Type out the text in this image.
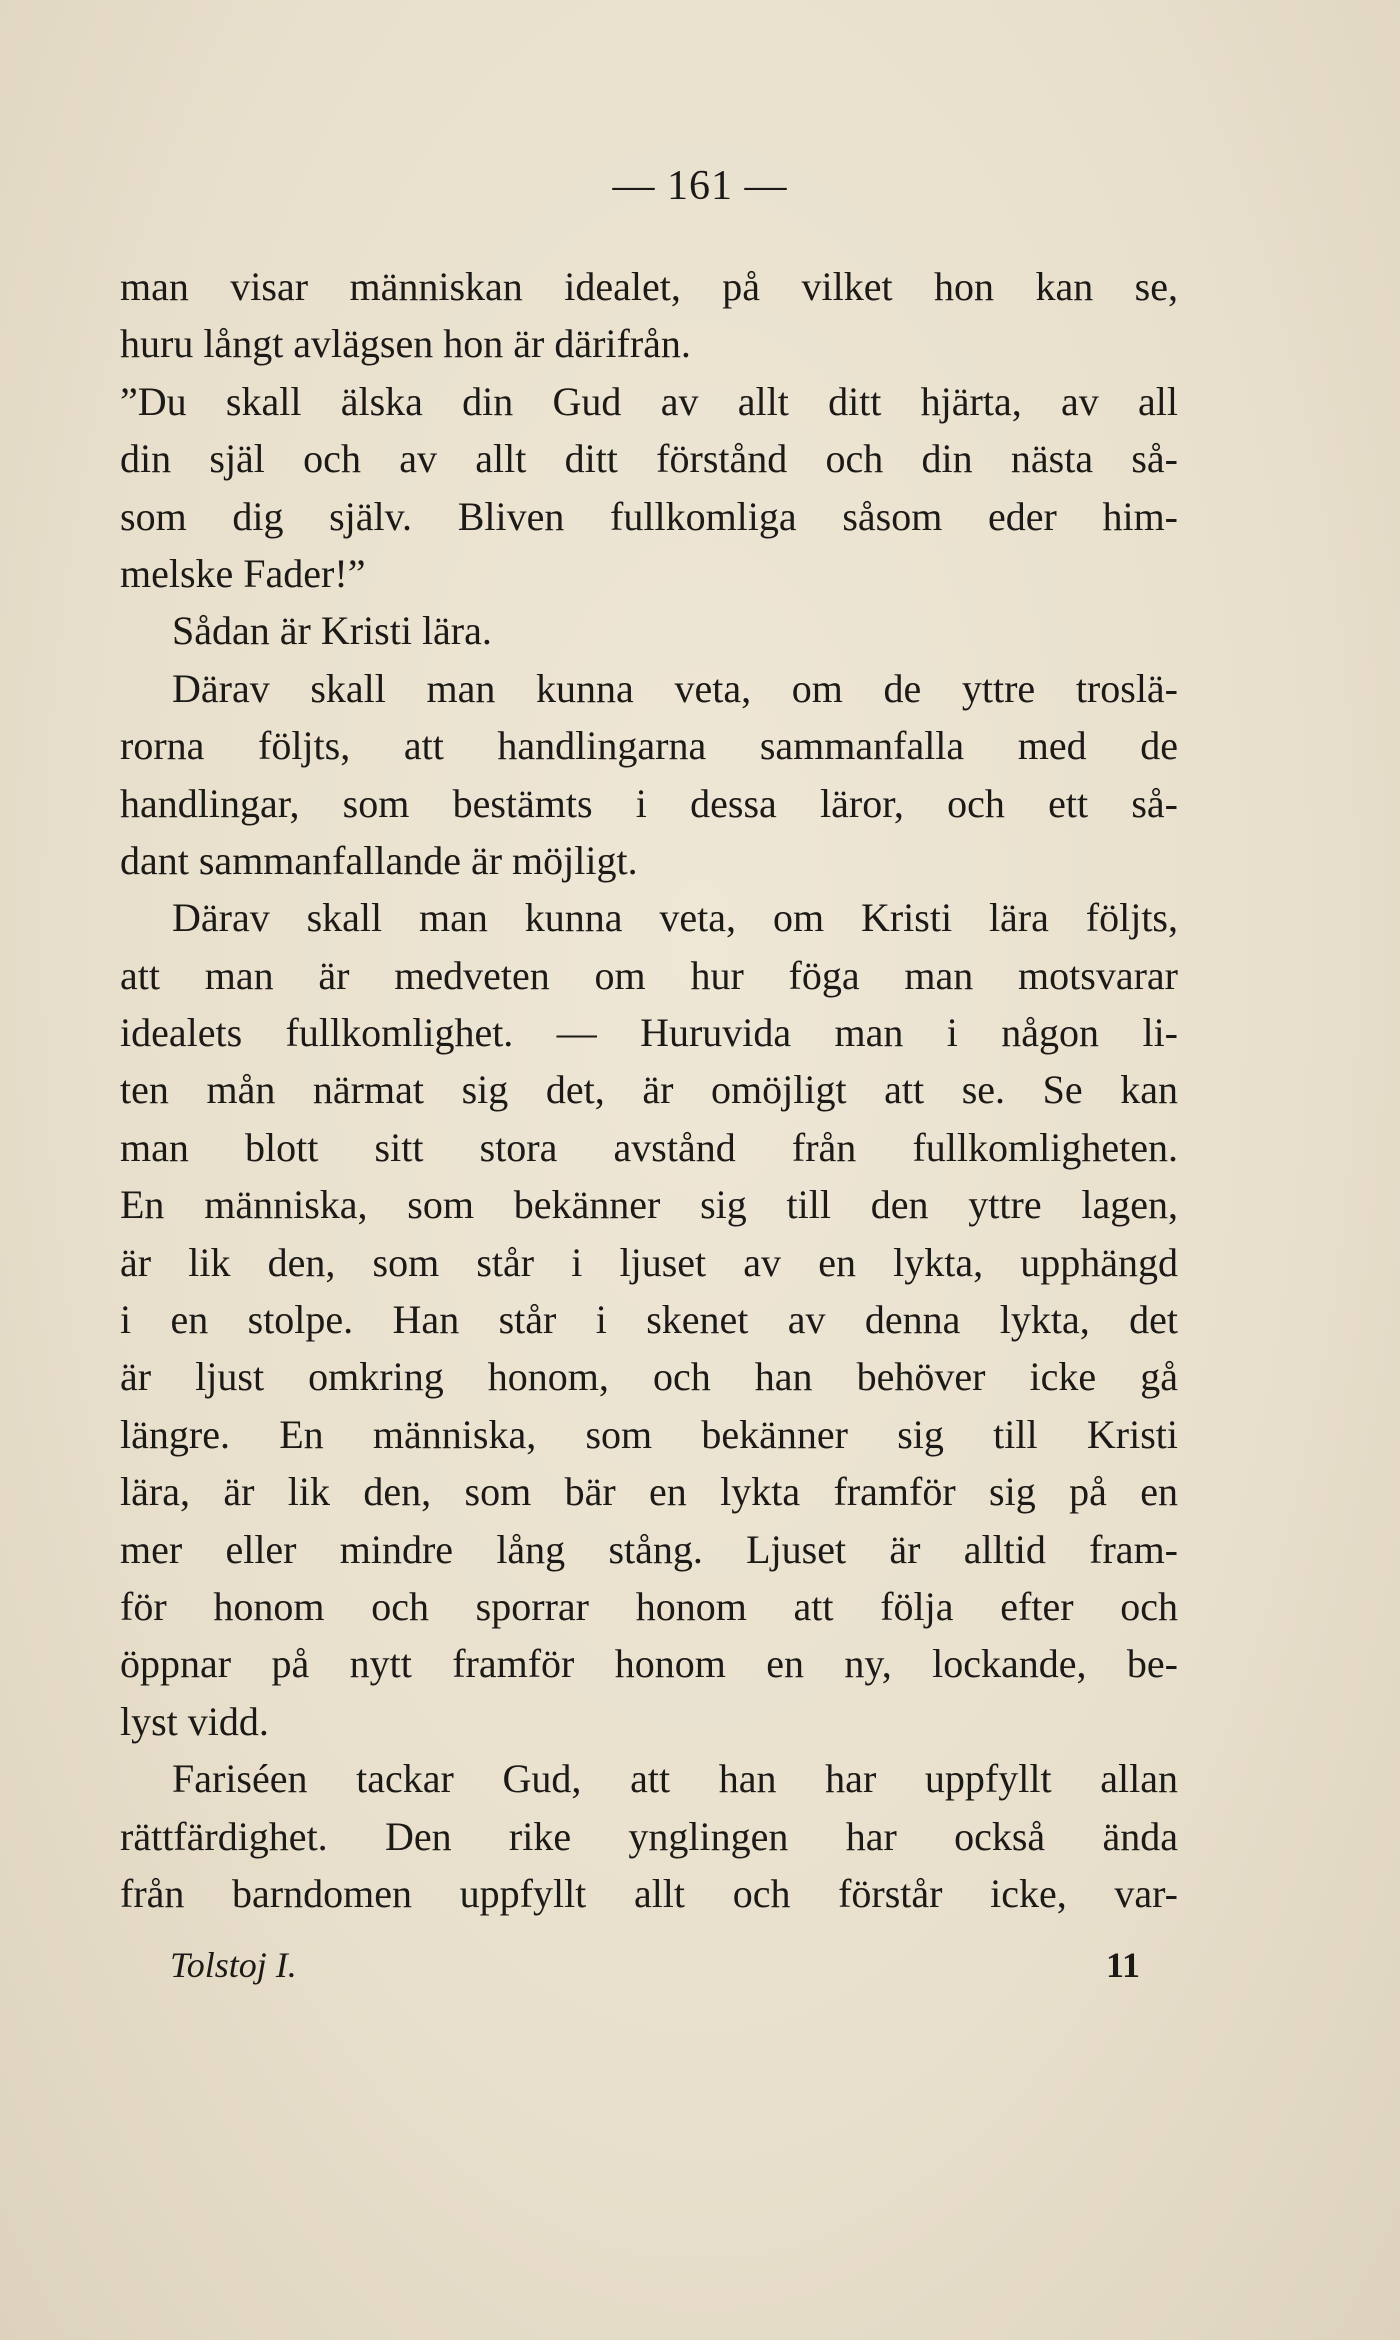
— 161 —
man visar människan idealet, på vilket hon kan se,
huru långt avlägsen hon är därifrån.
”Du skall älska din Gud av allt ditt hjärta, av all
din själ och av allt ditt förstånd och din nästa så-
som dig själv. Bliven fullkomliga såsom eder him-
melske Fader!”
Sådan är Kristi lära.
Därav skall man kunna veta, om de yttre troslä-
rorna följts, att handlingarna sammanfalla med de
handlingar, som bestämts i dessa läror, och ett så-
dant sammanfallande är möjligt.
Därav skall man kunna veta, om Kristi lära följts,
att man är medveten om hur föga man motsvarar
idealets fullkomlighet. — Huruvida man i någon li-
ten mån närmat sig det, är omöjligt att se. Se kan
man blott sitt stora avstånd från fullkomligheten.
En människa, som bekänner sig till den yttre lagen,
är lik den, som står i ljuset av en lykta, upphängd
i en stolpe. Han står i skenet av denna lykta, det
är ljust omkring honom, och han behöver icke gå
längre. En människa, som bekänner sig till Kristi
lära, är lik den, som bär en lykta framför sig på en
mer eller mindre lång stång. Ljuset är alltid fram-
för honom och sporrar honom att följa efter och
öppnar på nytt framför honom en ny, lockande, be-
lyst vidd.
Fariséen tackar Gud, att han har uppfyllt allan
rättfärdighet. Den rike ynglingen har också ända
från barndomen uppfyllt allt och förstår icke, var-
Tolstoj I.	11
